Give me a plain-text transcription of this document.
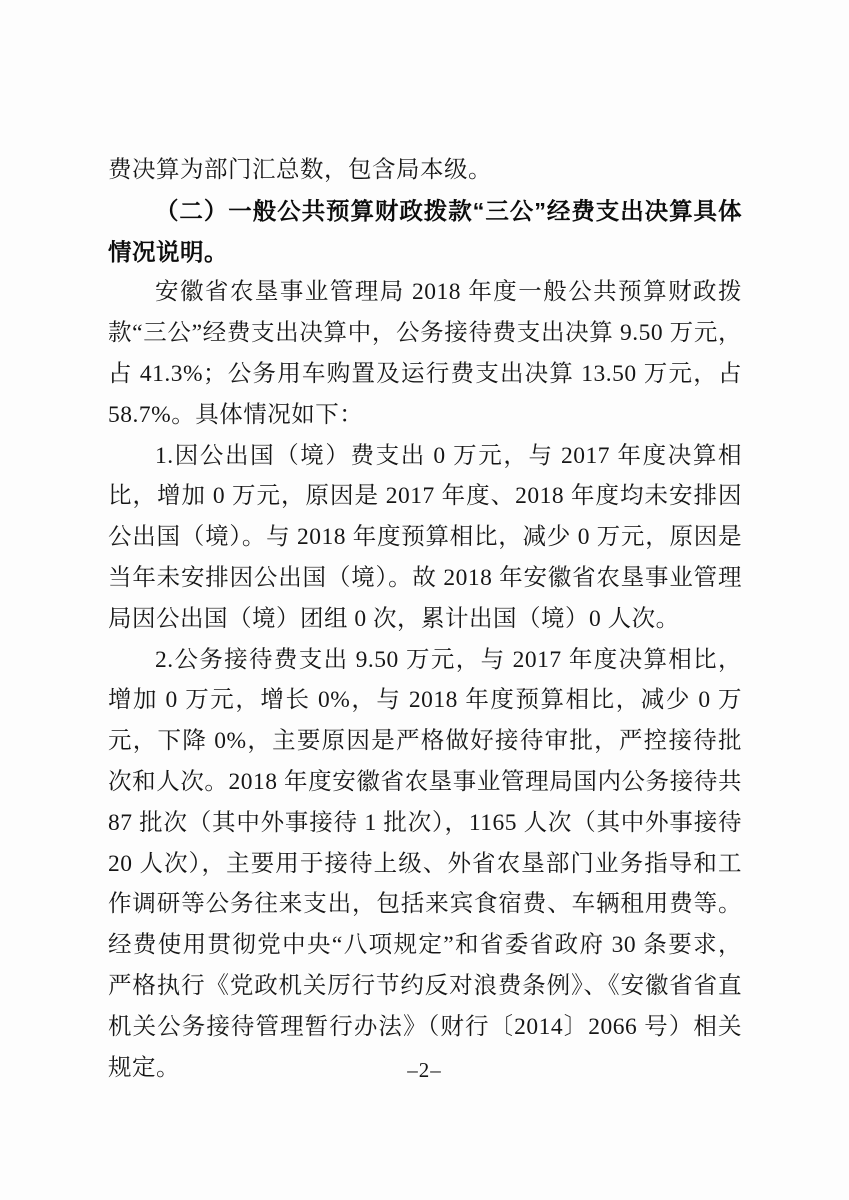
费决算为部门汇总数，包含局本级。

（二）一般公共预算财政拨款“三公”经费支出决算具体情况说明。

安徽省农垦事业管理局 2018 年度一般公共预算财政拨款“三公”经费支出决算中，公务接待费支出决算 9.50 万元，占 41.3%；公务用车购置及运行费支出决算 13.50 万元，占 58.7%。具体情况如下：

1.因公出国（境）费支出 0 万元，与 2017 年度决算相比，增加 0 万元，原因是 2017 年度、2018 年度均未安排因公出国（境）。与 2018 年度预算相比，减少 0 万元，原因是当年未安排因公出国（境）。故 2018 年安徽省农垦事业管理局因公出国（境）团组 0 次，累计出国（境）0 人次。

2.公务接待费支出 9.50 万元，与 2017 年度决算相比，增加 0 万元，增长 0%，与 2018 年度预算相比，减少 0 万元，下降 0%，主要原因是严格做好接待审批，严控接待批次和人次。2018 年度安徽省农垦事业管理局国内公务接待共 87 批次（其中外事接待 1 批次），1165 人次（其中外事接待 20 人次），主要用于接待上级、外省农垦部门业务指导和工作调研等公务往来支出，包括来宾食宿费、车辆租用费等。经费使用贯彻党中央“八项规定”和省委省政府 30 条要求，严格执行《党政机关厉行节约反对浪费条例》、《安徽省省直机关公务接待管理暂行办法》（财行〔2014〕2066 号）相关规定。	–2–
